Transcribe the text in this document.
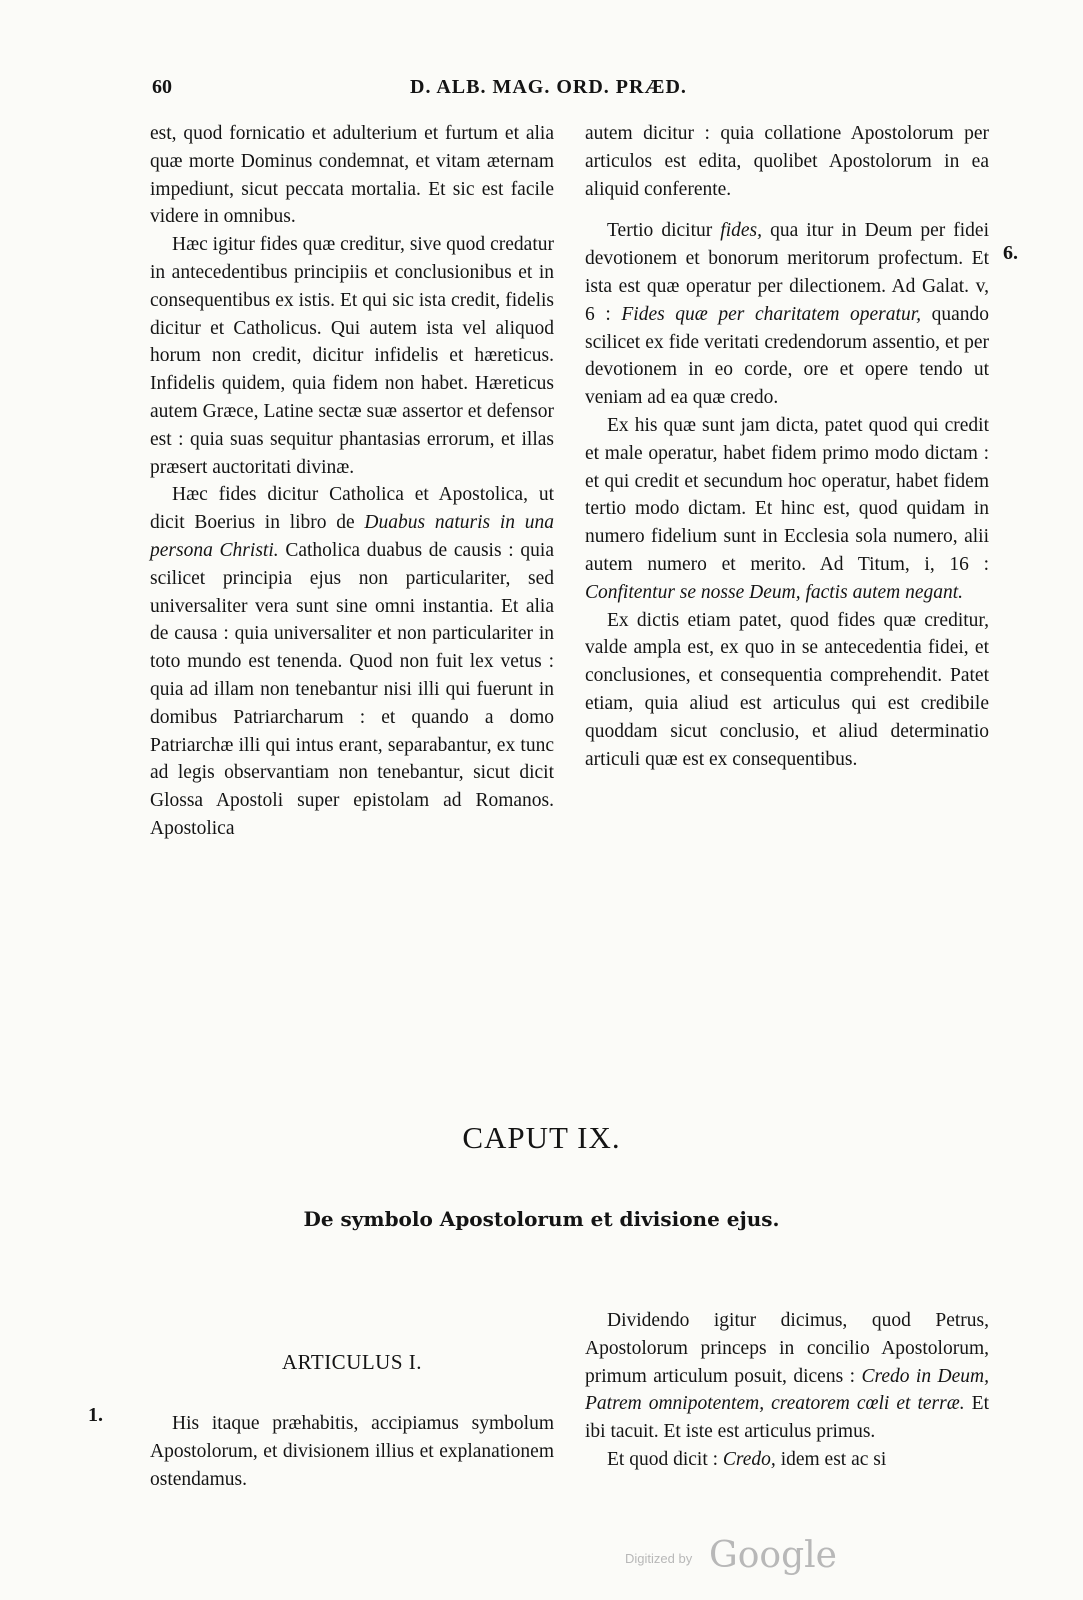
60	D. ALB. MAG. ORD. PRÆD.

est, quod fornicatio et adulterium et furtum et alia quæ morte Dominus condemnat, et vitam æternam impediunt, sicut peccata mortalia. Et sic est facile videre in omnibus.

Hæc igitur fides quæ creditur, sive quod credatur in antecedentibus principiis et conclusionibus et in consequentibus ex istis. Et qui sic ista credit, fidelis dicitur et Catholicus. Qui autem ista vel aliquod horum non credit, dicitur infidelis et hæreticus. Infidelis quidem, quia fidem non habet. Hæreticus autem Græce, Latine sectæ suæ assertor et defensor est : quia suas sequitur phantasias errorum, et illas præsert auctoritati divinæ.

Hæc fides dicitur Catholica et Apostolica, ut dicit Boerius in libro de Duabus naturis in una persona Christi. Catholica duabus de causis : quia scilicet principia ejus non particulariter, sed universaliter vera sunt sine omni instantia. Et alia de causa : quia universaliter et non particulariter in toto mundo est tenenda. Quod non fuit lex vetus : quia ad illam non tenebantur nisi illi qui fuerunt in domibus Patriarcharum : et quando a domo Patriarchæ illi qui intus erant, separabantur, ex tunc ad legis observantiam non tenebantur, sicut dicit Glossa Apostoli super epistolam ad Romanos. Apostolica

autem dicitur : quia collatione Apostolorum per articulos est edita, quolibet Apostolorum in ea aliquid conferente.

Tertio dicitur fides, qua itur in Deum per fidei devotionem et bonorum meritorum profectum. Et ista est quæ operatur per dilectionem. Ad Galat. v, 6 : Fides quæ per charitatem operatur, quando scilicet ex fide veritati credendorum assentio, et per devotionem in eo corde, ore et opere tendo ut veniam ad ea quæ credo.

Ex his quæ sunt jam dicta, patet quod qui credit et male operatur, habet fidem primo modo dictam : et qui credit et secundum hoc operatur, habet fidem tertio modo dictam. Et hinc est, quod quidam in numero fidelium sunt in Ecclesia sola numero, alii autem numero et merito. Ad Titum, i, 16 : Confitentur se nosse Deum, factis autem negant.

Ex dictis etiam patet, quod fides quæ creditur, valde ampla est, ex quo in se antecedentia fidei, et conclusiones, et consequentia comprehendit. Patet etiam, quia aliud est articulus qui est credibile quoddam sicut conclusio, et aliud determinatio articuli quæ est ex consequentibus.

6.
CAPUT IX.
De symbolo Apostolorum et divisione ejus.
ARTICULUS I.
1.	His itaque præhabitis, accipiamus symbolum Apostolorum, et divisionem illius et explanationem ostendamus.

Dividendo igitur dicimus, quod Petrus, Apostolorum princeps in concilio Apostolorum, primum articulum posuit, dicens : Credo in Deum, Patrem omnipotentem, creatorem cœli et terræ. Et ibi tacuit. Et iste est articulus primus.

Et quod dicit : Credo, idem est ac si

Digitized by Google
